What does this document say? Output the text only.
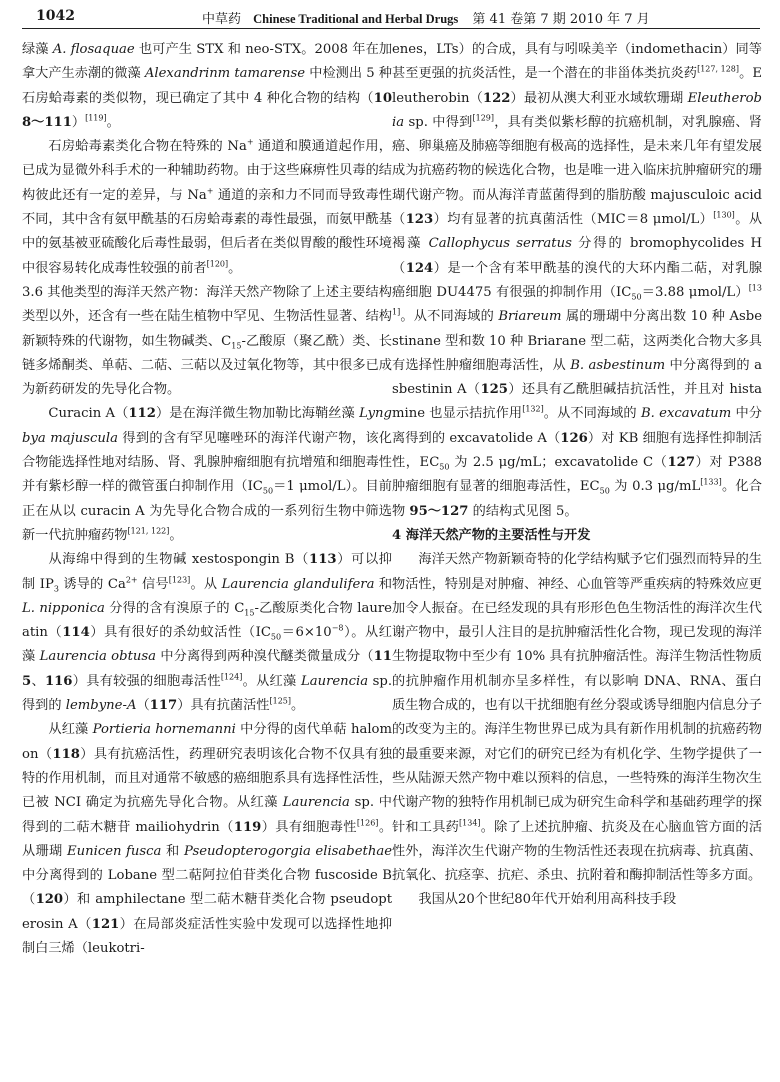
1042	中草药 Chinese Traditional and Herbal Drugs 第 41 卷第 7 期 2010 年 7 月

绿藻 A. flosaquae 也可产生 STX 和 neo-STX。2008 年在加拿大产生赤潮的微藻 Alexandrinm tamarense 中检测出 5 种石房蛤毒素的类似物，现已确定了其中 4 种化合物的结构（108～111）[119]。

石房蛤毒素类化合物在特殊的 Na+ 通道和膜通道起作用，已成为显微外科手术的一种辅助药物。由于这些麻痹性贝毒的结构彼此还有一定的差异，与 Na+ 通道的亲和力不同而导致毒性不同，其中含有氨甲酰基的石房蛤毒素的毒性最强，而氨甲酰基中的氨基被亚硫酸化后毒性最弱，但后者在类似胃酸的酸性环境中很容易转化成毒性较强的前者[120]。

3.6 其他类型的海洋天然产物：海洋天然产物除了上述主要结构类型以外，还含有一些在陆生植物中罕见、生物活性显著、结构新颖特殊的代谢物，如生物碱类、$C_{15}-$乙酸原（聚乙酰）类、长链多烯酮类、单萜、二萜、三萜以及过氧化物等，其中很多已成为新药研发的先导化合物。

Curacin A（112）是在海洋微生物加勒比海鞘丝藻 Lyngbya majuscula 得到的含有罕见噻唑环的海洋代谢产物，该化合物能选择性地对结肠、肾、乳腺肿瘤细胞有抗增殖和细胞毒性并有紫杉醇一样的微管蛋白抑制作用（$IC_{50}=1$ μmol/L）。目前正在从以 curacin A 为先导化合物合成的一系列衍生物中筛选新一代抗肿瘤药物[121, 122]。

从海绵中得到的生物碱 xestospongin B（113）可以抑制 $IP_3$ 诱导的 $Ca^{2+}$ 信号[123]。从 Laurencia glandulifera 和 L. nipponica 分得的含有溴原子的 $C_{15}-$乙酸原类化合物 laureatin（114）具有很好的杀幼蚊活性$(IC_{50}=6\times 10^{-8})$。从红藻 Laurencia obtusa 中分离得到两种溴代醚类微量成分（115、116）具有较强的细胞毒活性[124]。从红藻 Laurencia sp. 得到的 lembyne-A（117）具有抗菌活性[125]。

从红藻 Portieria hornemanni 中分得的卤代单萜 halomon（118）具有抗癌活性，药理研究表明该化合物不仅具有独特的作用机制，而且对通常不敏感的癌细胞系具有选择性活性，已被 NCI 确定为抗癌先导化合物。从红藻 Laurencia sp. 中得到的二萜木糖苷 mailiohydrin（119）具有细胞毒性[126]。从珊瑚 Eunicen fusca 和 Pseudopterogorgia elisabethae 中分离得到的 Lobane 型二萜阿拉伯苷类化合物 fuscoside B（120）和 amphilectane 型二萜木糖苷类化合物 pseudopterosin A（121）在局部炎症活性实验中发现可以选择性地抑制白三烯（leukotri-

enes，LTs）的合成，具有与吲哚美辛（indomethacin）同等甚至更强的抗炎活性，是一个潜在的非甾体类抗炎药[127, 128]。Eleutherobin（122）最初从澳大利亚水域软珊瑚 Eleutherobia sp. 中得到[129]，具有类似紫杉醇的抗癌机制，对乳腺癌、肾癌、卵巢癌及肺癌等细胞有极高的选择性，是未来几年有望发展成为抗癌药物的候选化合物，也是唯一进入临床抗肿瘤研究的珊瑚代谢产物。而从海洋青蓝菌得到的脂肪酸 majusculoic acid（123）均有显著的抗真菌活性（MIC＝8 μmol/L）[130]。从褐藻 Callophycus serratus 分得的 bromophycolides H（124）是一个含有苯甲酰基的溴代的大环内酯二萜，对乳腺癌细胞 DU4475 有很强的抑制作用（$IC_{50}=3.88$ μmol/L）[131]。从不同海域的 Briareum 属的珊瑚中分离出数 10 种 Asbestinane 型和数 10 种 Briarane 型二萜，这两类化合物大多具有选择性肿瘤细胞毒活性，从 B. asbestinum 中分离得到的 asbestinin A（125）还具有乙酰胆碱拮抗活性，并且对 histamine 也显示拮抗作用[132]。从不同海域的 B. excavatum 中分离得到的 excavatolide A（126）对 KB 细胞有选择性抑制活性，$EC_{50}$ 为 2.5 μg/mL；excavatolide C（127）对 P388 肿瘤细胞有显著的细胞毒活性，$EC_{50}$ 为 0.3 μg/mL[133]。化合物 95～127 的结构式见图 5。

4 海洋天然产物的主要活性与开发

海洋天然产物新颖奇特的化学结构赋予它们强烈而特异的生物活性，特别是对肿瘤、神经、心血管等严重疾病的特殊效应更加令人振奋。在已经发现的具有形形色色生物活性的海洋次生代谢产物中，最引人注目的是抗肿瘤活性化合物，现已发现的海洋生物提取物中至少有 10% 具有抗肿瘤活性。海洋生物活性物质的抗肿瘤作用机制亦呈多样性，有以影响 DNA、RNA、蛋白质生物合成的，也有以干扰细胞有丝分裂或诱导细胞内信息分子的改变为主的。海洋生物世界已成为具有新作用机制的抗癌药物的最重要来源，对它们的研究已经为有机化学、生物学提供了一些从陆源天然产物中难以预料的信息，一些特殊的海洋生物次生代谢产物的独特作用机制已成为研究生命科学和基础药理学的探针和工具药[134]。除了上述抗肿瘤、抗炎及在心脑血管方面的活性外，海洋次生代谢产物的生物活性还表现在抗病毒、抗真菌、抗氧化、抗痉挛、抗疟、杀虫、抗附着和酶抑制活性等多方面。

我国从20个世纪80年代开始利用高科技手段
